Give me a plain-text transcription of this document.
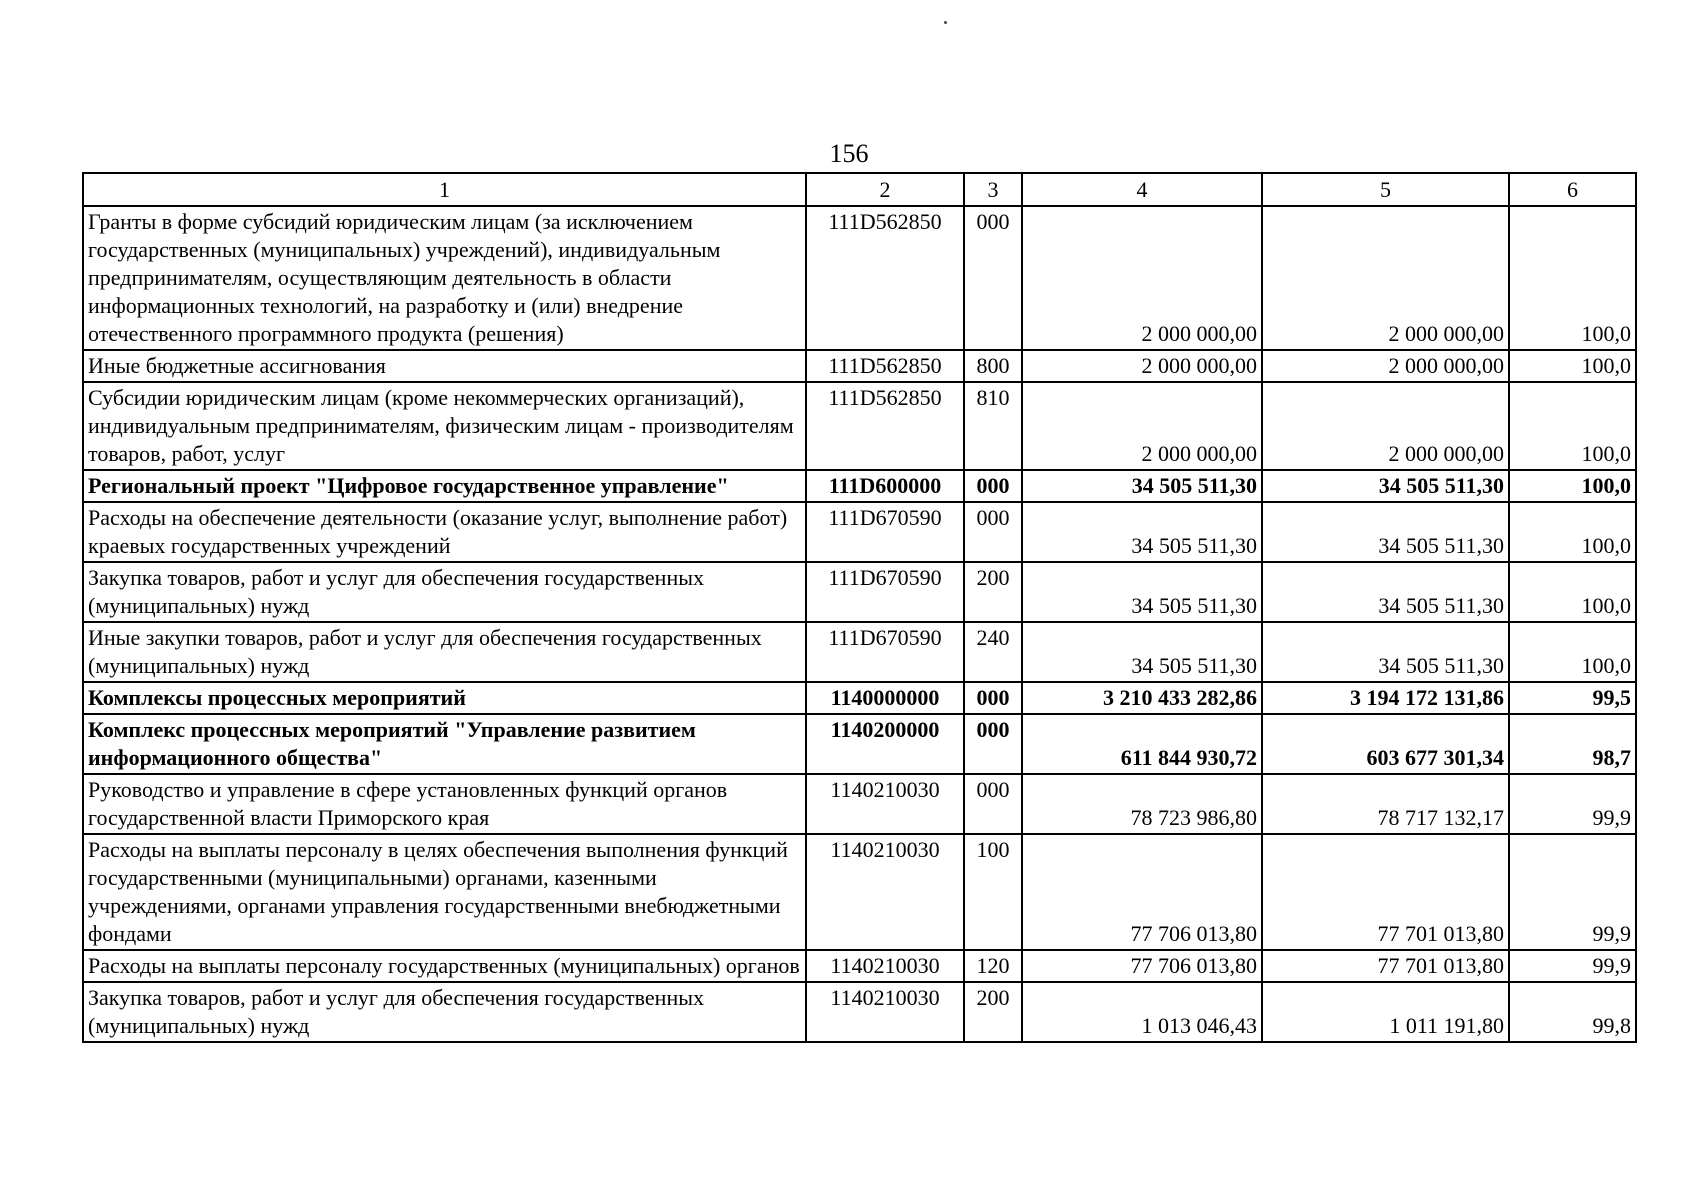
156
1	2	3	4	5	6
Гранты в форме субсидий юридическим лицам (за исключением государственных (муниципальных) учреждений), индивидуальным предпринимателям, осуществляющим деятельность в области информационных технологий, на разработку и (или) внедрение отечественного программного продукта (решения)	111D562850	000	2 000 000,00	2 000 000,00	100,0
Иные бюджетные ассигнования	111D562850	800	2 000 000,00	2 000 000,00	100,0
Субсидии юридическим лицам (кроме некоммерческих организаций), индивидуальным предпринимателям, физическим лицам - производителям товаров, работ, услуг	111D562850	810	2 000 000,00	2 000 000,00	100,0
Региональный проект "Цифровое государственное управление"	111D600000	000	34 505 511,30	34 505 511,30	100,0
Расходы на обеспечение деятельности (оказание услуг, выполнение работ) краевых государственных учреждений	111D670590	000	34 505 511,30	34 505 511,30	100,0
Закупка товаров, работ и услуг для обеспечения государственных (муниципальных) нужд	111D670590	200	34 505 511,30	34 505 511,30	100,0
Иные закупки товаров, работ и услуг для обеспечения государственных (муниципальных) нужд	111D670590	240	34 505 511,30	34 505 511,30	100,0
Комплексы процессных мероприятий	1140000000	000	3 210 433 282,86	3 194 172 131,86	99,5
Комплекс процессных мероприятий "Управление развитием информационного общества"	1140200000	000	611 844 930,72	603 677 301,34	98,7
Руководство и управление в сфере установленных функций органов государственной власти Приморского края	1140210030	000	78 723 986,80	78 717 132,17	99,9
Расходы на выплаты персоналу в целях обеспечения выполнения функций государственными (муниципальными) органами, казенными учреждениями, органами управления государственными внебюджетными фондами	1140210030	100	77 706 013,80	77 701 013,80	99,9
Расходы на выплаты персоналу государственных (муниципальных) органов	1140210030	120	77 706 013,80	77 701 013,80	99,9
Закупка товаров, работ и услуг для обеспечения государственных (муниципальных) нужд	1140210030	200	1 013 046,43	1 011 191,80	99,8
